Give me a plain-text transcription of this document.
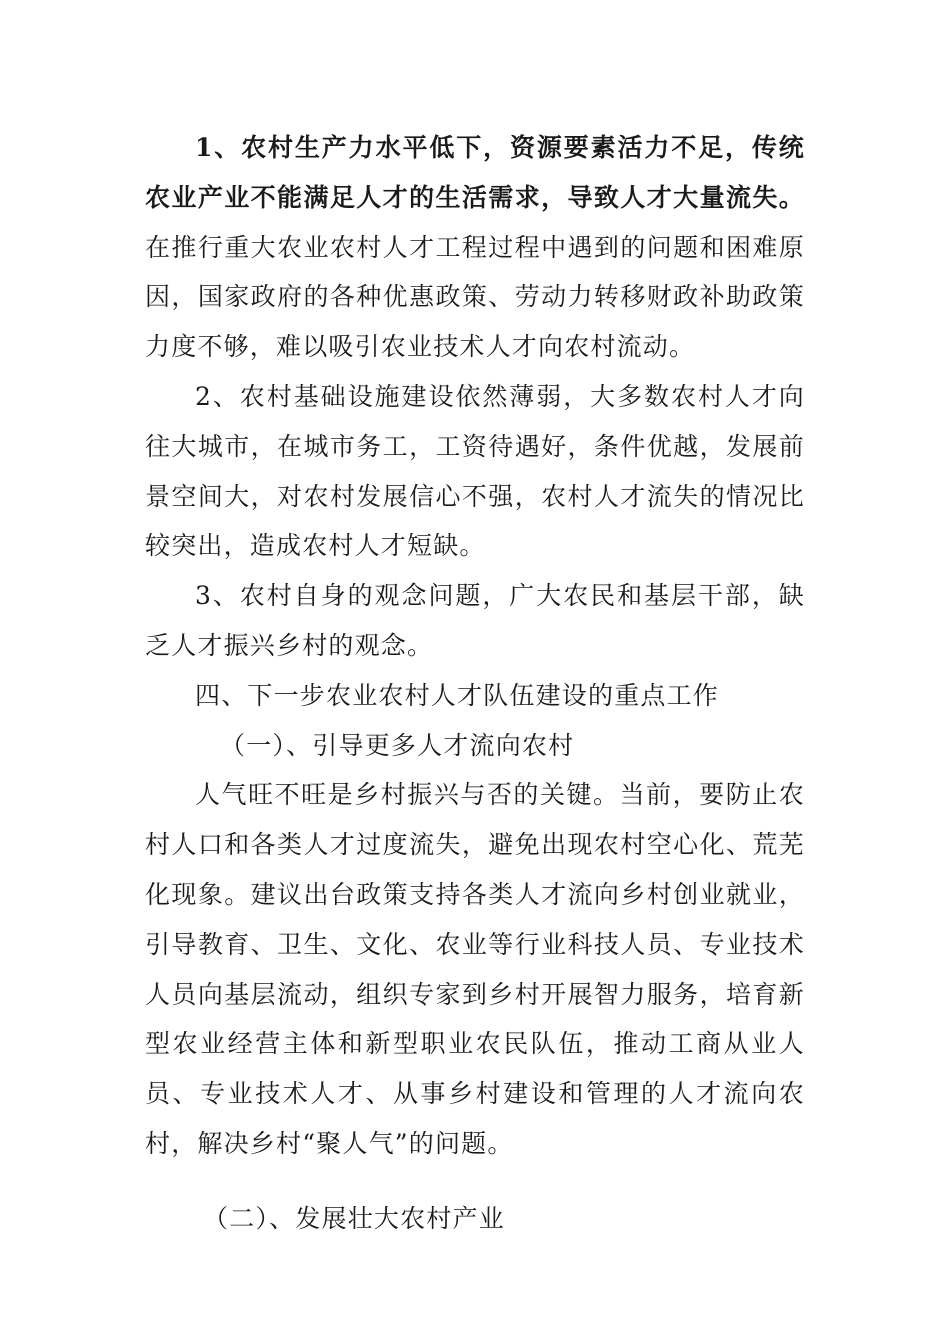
1、农村生产力水平低下，资源要素活力不足，传统农业产业不能满足人才的生活需求，导致人才大量流失。在推行重大农业农村人才工程过程中遇到的问题和困难原因，国家政府的各种优惠政策、劳动力转移财政补助政策力度不够，难以吸引农业技术人才向农村流动。

2、农村基础设施建设依然薄弱，大多数农村人才向往大城市，在城市务工，工资待遇好，条件优越，发展前景空间大，对农村发展信心不强，农村人才流失的情况比较突出，造成农村人才短缺。

3、农村自身的观念问题，广大农民和基层干部，缺乏人才振兴乡村的观念。

四、下一步农业农村人才队伍建设的重点工作

（一）、引导更多人才流向农村

人气旺不旺是乡村振兴与否的关键。当前，要防止农村人口和各类人才过度流失，避免出现农村空心化、荒芜化现象。建议出台政策支持各类人才流向乡村创业就业，引导教育、卫生、文化、农业等行业科技人员、专业技术人员向基层流动，组织专家到乡村开展智力服务，培育新型农业经营主体和新型职业农民队伍，推动工商从业人员、专业技术人才、从事乡村建设和管理的人才流向农村，解决乡村“聚人气”的问题。

（二）、发展壮大农村产业
